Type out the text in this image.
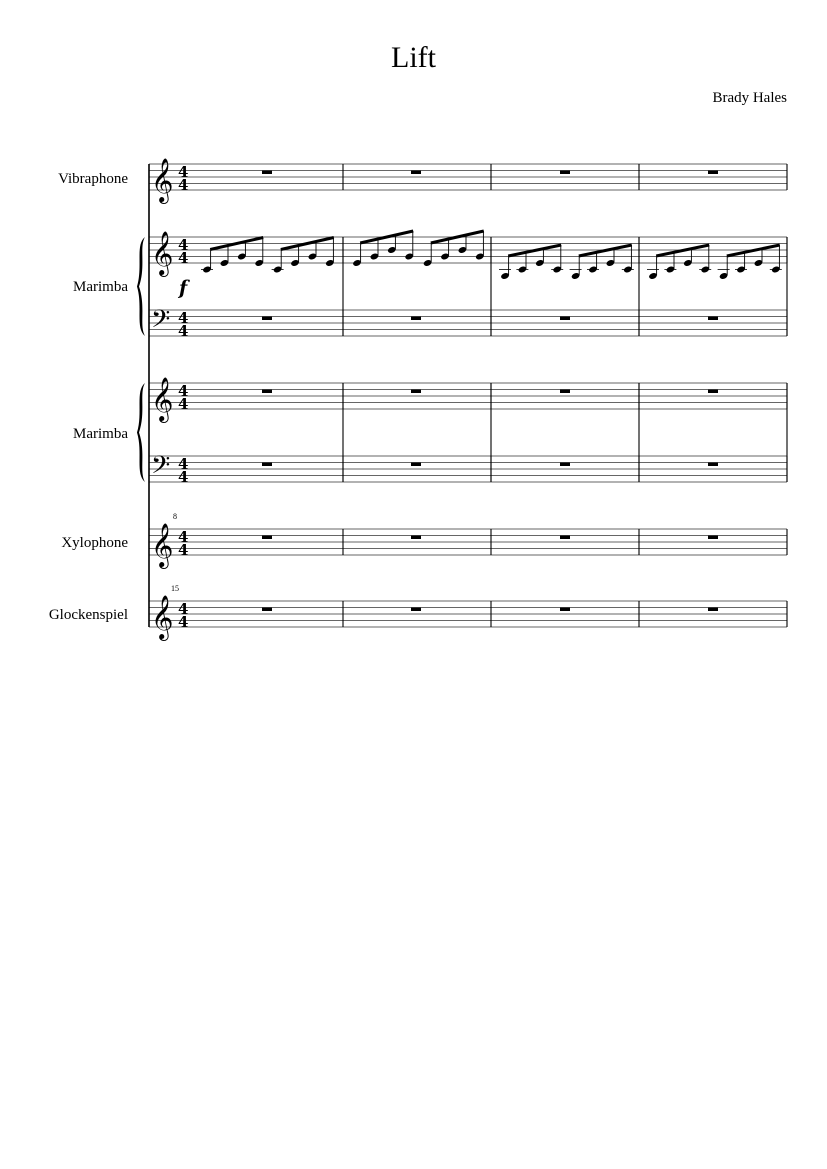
Lift
Brady Hales
Vibraphone
Marimba
Marimba
Xylophone
Glockenspiel
𝄞 4
4
𝄞 4
4
𝄢 4
4
𝄞 4
4
𝄢 4
4
𝄞
8
4
4
𝄞
15
4
4
f
